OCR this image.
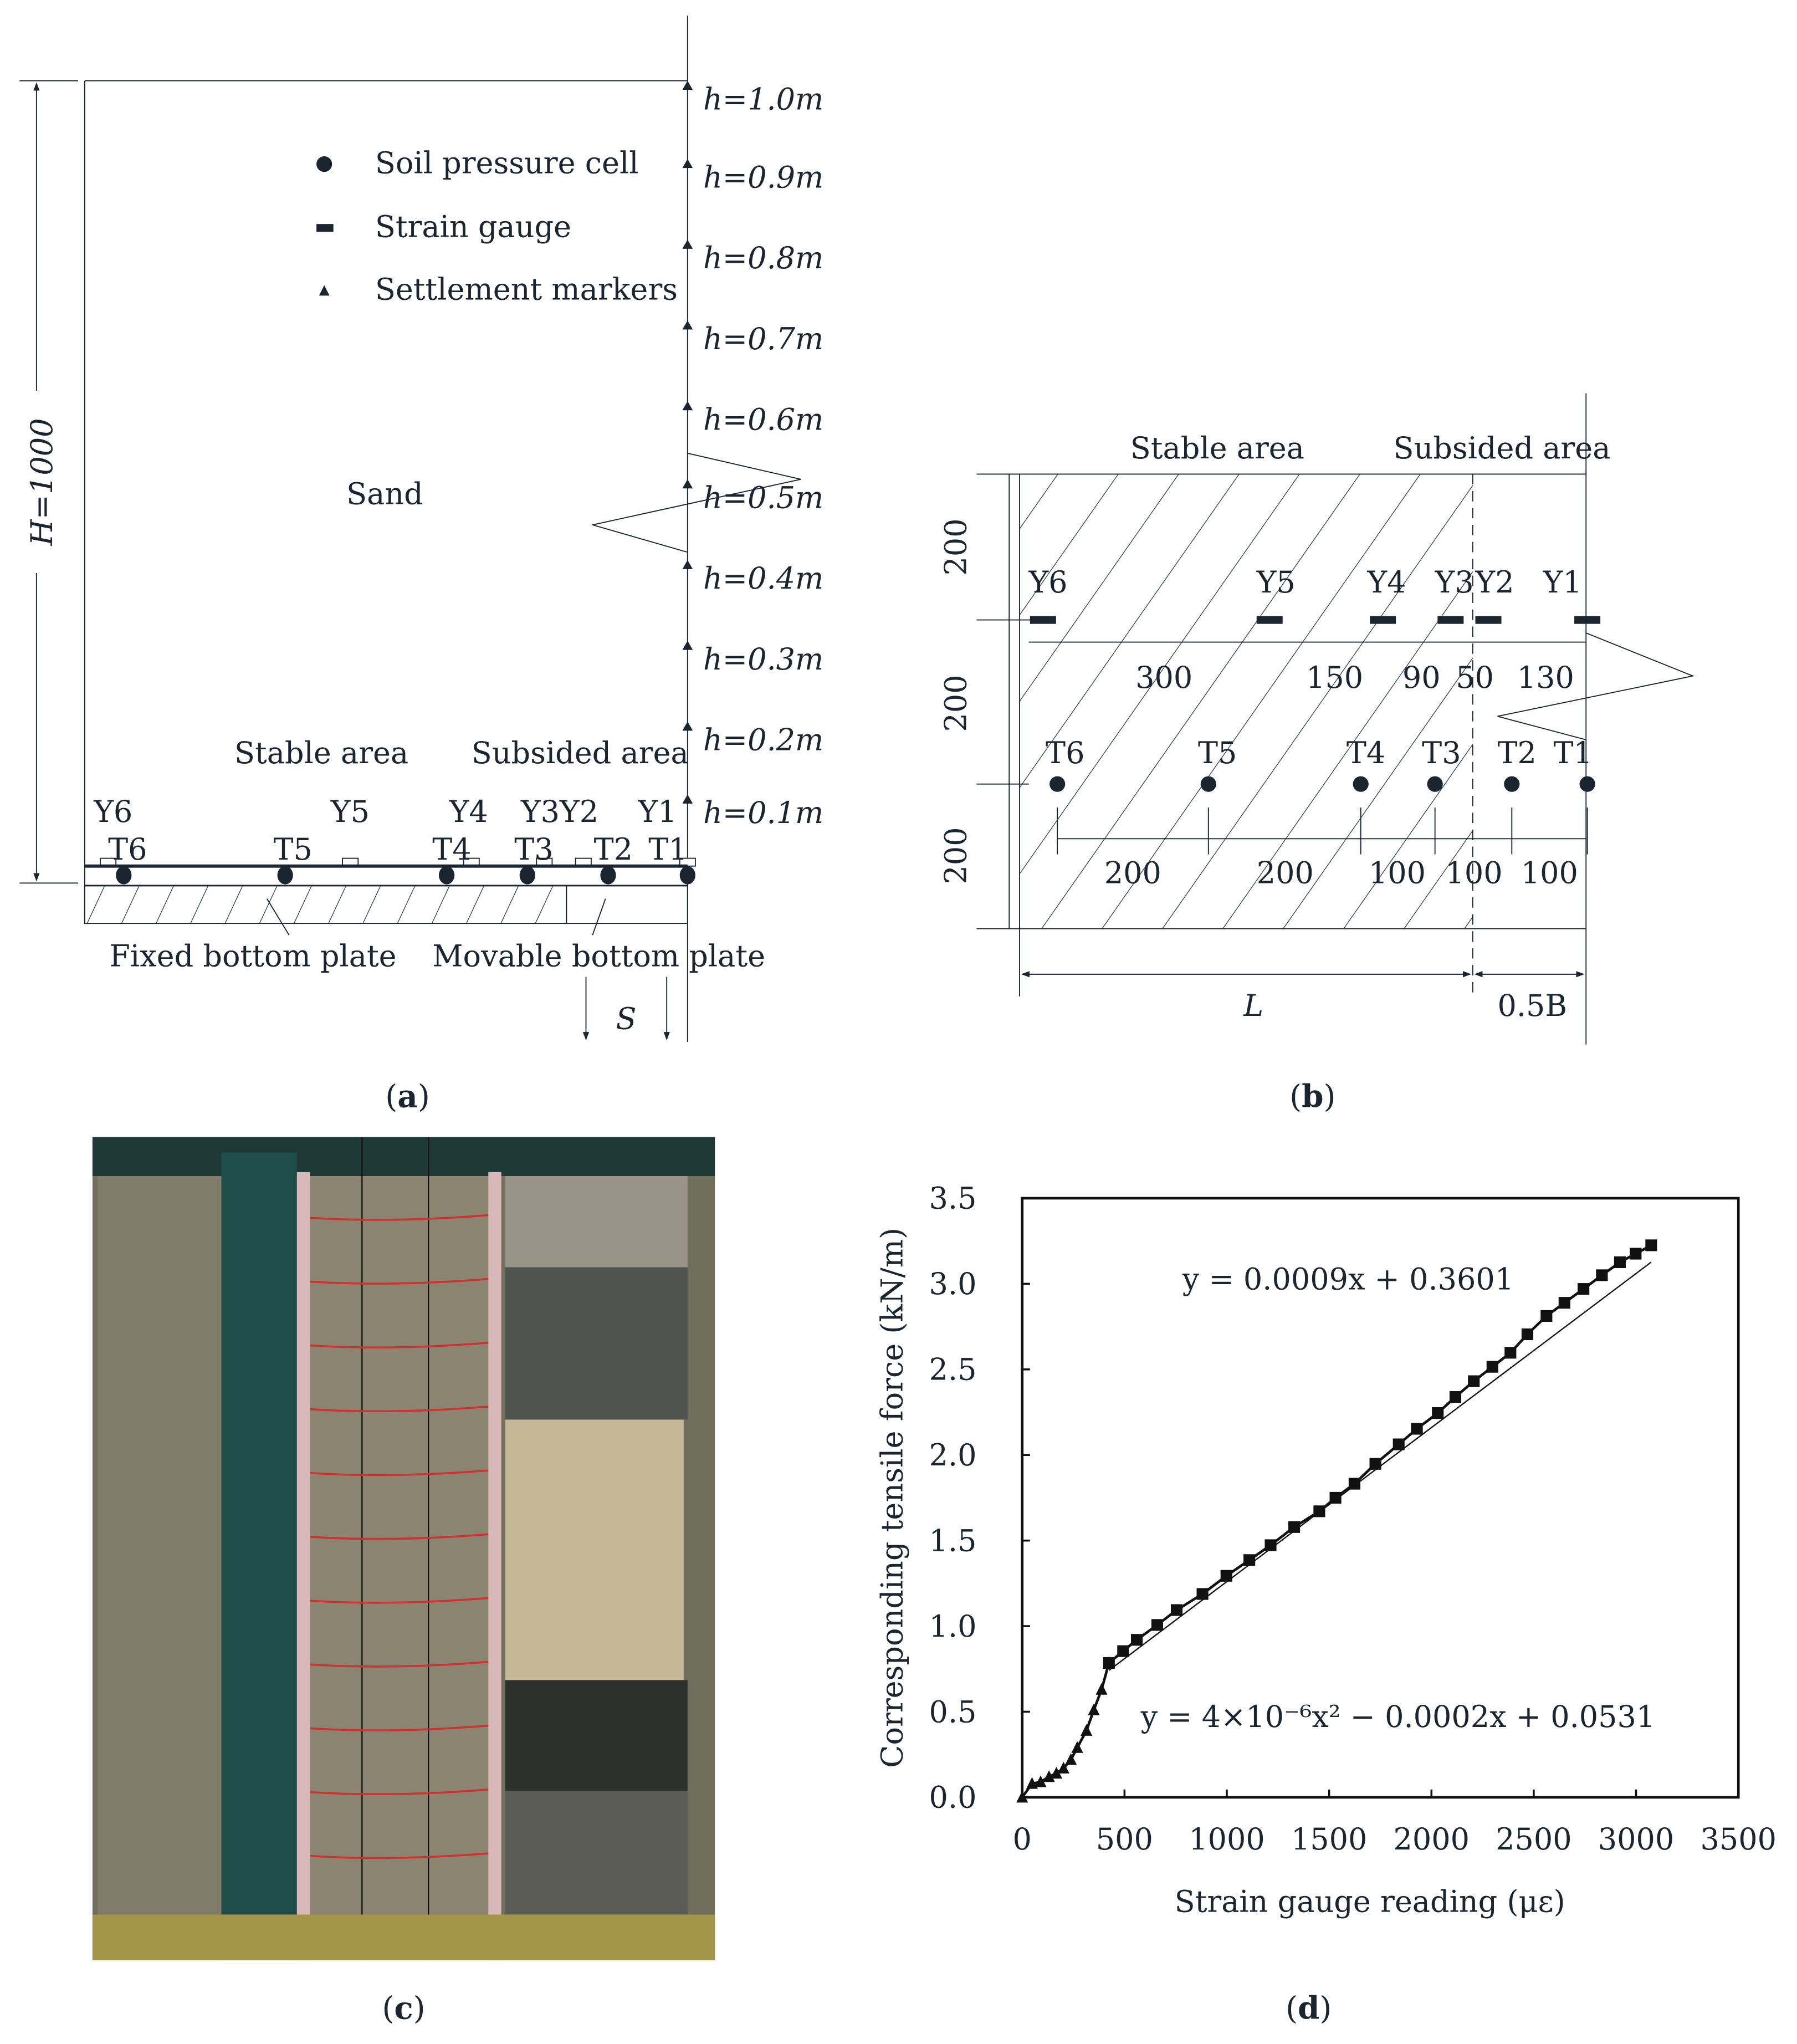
H=1000
Soil pressure cell
Strain gauge
Settlement markers
Sand
Stable area	Subsided area
h=1.0m
h=0.9m
h=0.8m
h=0.7m
h=0.6m
h=0.5m
h=0.4m
h=0.3m
h=0.2m
h=0.1m
Y6	Y5	Y4	Y3Y2	Y1
T6	T5	T4	T3	T2 T1
Fixed bottom plate	Movable bottom plate
S
(a)
Stable area	Subsided area
L	0.5B
200
200
200
Y6	Y5	Y4 Y3 Y2 Y1
300	150	90 50 130
T6	T5	T4	T3	T2 T1
200	200	100 100 100
(b)
(c)
0	500	1000 1500 2000 2500 3000 3500
0.0
0.5
1.0
1.5
2.0
2.5
3.0
3.5
y = 0.0009x + 0.3601
y = 4×10⁻⁶x² − 0.0002x + 0.0531
Strain gauge reading (με)
Corresponding tensile force (kN/m)
(d)
